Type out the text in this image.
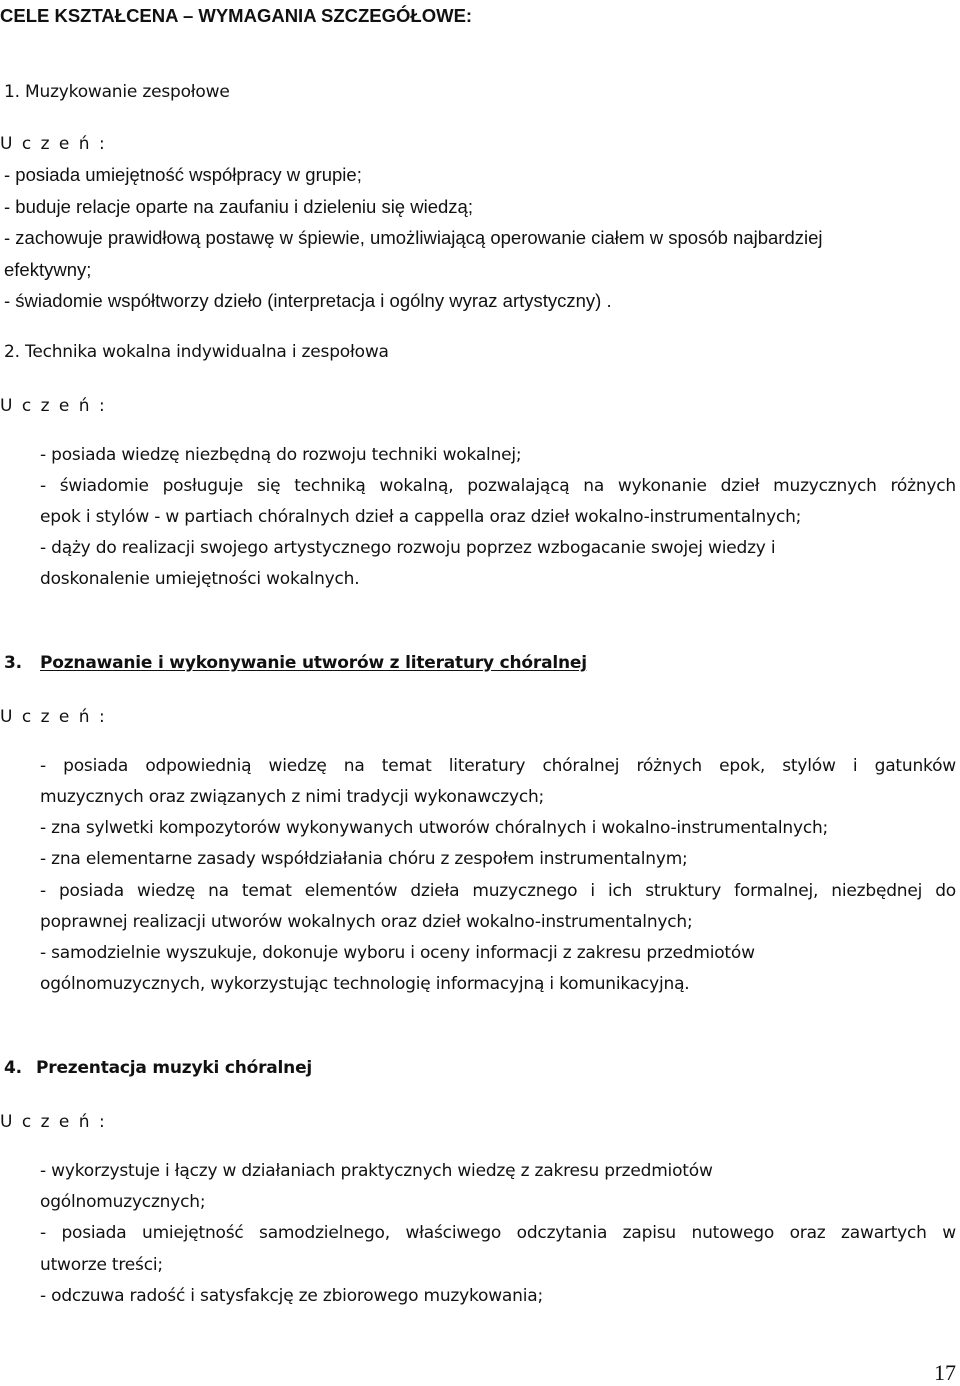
CELE KSZTAŁCENA – WYMAGANIA SZCZEGÓŁOWE:
1. Muzykowanie zespołowe
U c z e ń :
- posiada umiejętność współpracy w grupie;
- buduje relacje oparte na zaufaniu i dzieleniu się wiedzą;
- zachowuje prawidłową postawę w śpiewie, umożliwiającą operowanie ciałem w sposób najbardziej
efektywny;
- świadomie współtworzy dzieło (interpretacja i ogólny wyraz artystyczny) .
2. Technika wokalna indywidualna i zespołowa
U c z e ń :
- posiada wiedzę niezbędną do rozwoju techniki wokalnej;
- świadomie posługuje się techniką wokalną, pozwalającą na wykonanie dzieł muzycznych różnych
epok i stylów - w partiach chóralnych dzieł a cappella oraz dzieł wokalno-instrumentalnych;
- dąży do realizacji swojego artystycznego rozwoju poprzez wzbogacanie swojej wiedzy i
doskonalenie umiejętności wokalnych.
3. Poznawanie i wykonywanie utworów z literatury chóralnej
U c z e ń :
- posiada odpowiednią wiedzę na temat literatury chóralnej różnych epok, stylów i gatunków
muzycznych oraz związanych z nimi tradycji wykonawczych;
- zna sylwetki kompozytorów wykonywanych utworów chóralnych i wokalno-instrumentalnych;
- zna elementarne zasady współdziałania chóru z zespołem instrumentalnym;
- posiada wiedzę na temat elementów dzieła muzycznego i ich struktury formalnej, niezbędnej do
poprawnej realizacji utworów wokalnych oraz dzieł wokalno-instrumentalnych;
- samodzielnie wyszukuje, dokonuje wyboru i oceny informacji z zakresu przedmiotów
ogólnomuzycznych, wykorzystując technologię informacyjną i komunikacyjną.
4. Prezentacja muzyki chóralnej
U c z e ń :
- wykorzystuje i łączy w działaniach praktycznych wiedzę z zakresu przedmiotów
ogólnomuzycznych;
- posiada umiejętność samodzielnego, właściwego odczytania zapisu nutowego oraz zawartych w
utworze treści;
- odczuwa radość i satysfakcję ze zbiorowego muzykowania;
17
